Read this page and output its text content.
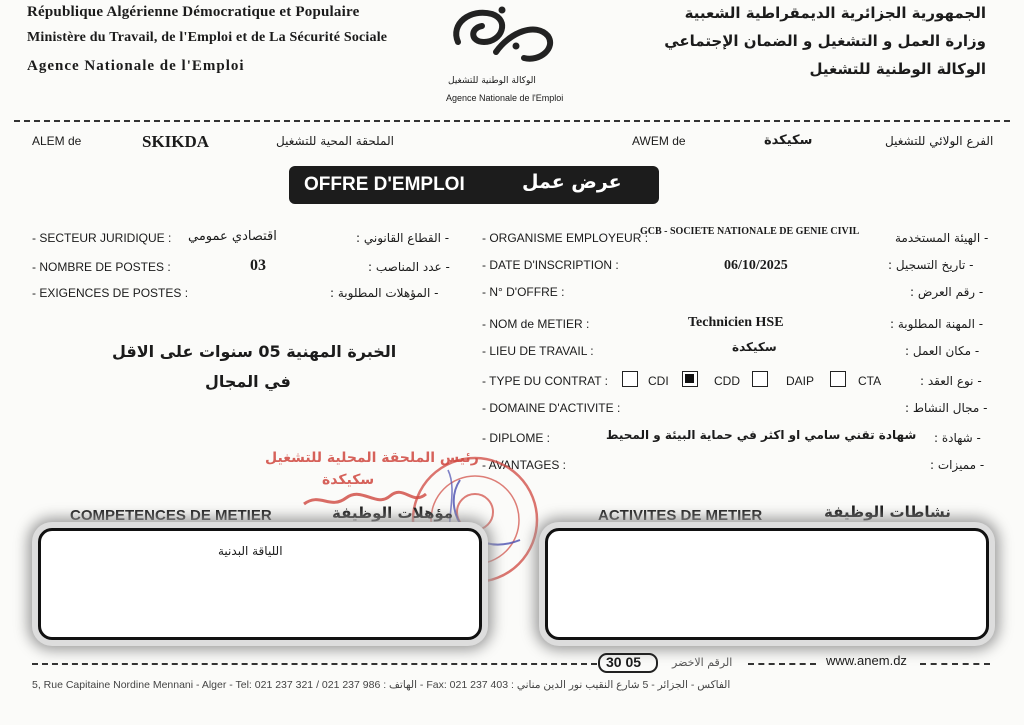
République Algérienne Démocratique et Populaire
Ministère du Travail, de l'Emploi et de La Sécurité Sociale
Agence Nationale de l'Emploi
الجمهورية الجزائرية الديمقراطية الشعبية
وزارة العمل و التشغيل و الضمان الإجتماعي
الوكالة الوطنية للتشغيل
الوكالة الوطنية للتشغيل
Agence Nationale de l'Emploi
ALEM de	SKIKDA	الملحقة المحية للتشغيل	AWEM de	سكيكدة	الفرع الولائي للتشغيل
OFFRE D'EMPLOI	عرض عمل
- SECTEUR JURIDIQUE : اقتصادي عمومي	- القطاع القانوني :
- NOMBRE DE POSTES :	03	- عدد المناصب :
- EXIGENCES DE POSTES :	- المؤهلات المطلوبة :
الخبرة المهنية 05 سنوات على الاقل
في المجال
- ORGANISME EMPLOYEUR :
GCB - SOCIETE NATIONALE DE GENIE CIVIL	- الهيئة المستخدمة
- DATE D'INSCRIPTION :	06/10/2025	- تاريخ التسجيل :
- N° D'OFFRE :	- رقم العرض :
- NOM de METIER :	Technicien HSE	- المهنة المطلوبة :
- LIEU DE TRAVAIL :	سكيكدة	- مكان العمل :
- TYPE DU CONTRAT :	CDI	CDD	DAIP	CTA	- نوع العقد :
- DOMAINE D'ACTIVITE :	- مجال النشاط :
- DIPLOME :	شهادة تقني سامي او اكثر في حماية البيئة و المحيط - شهادة :
- AVANTAGES :	- مميزات :
رئيس الملحقة المحلية للتشغيل
سكيكدة
COMPETENCES DE METIER	مؤهلات الوظيفة	ACTIVITES DE METIER	نشاطات الوظيفة
اللياقة البدنية
30 05	الرقم الاخضر	www.anem.dz
5, Rue Capitaine Nordine Mennani - Alger - Tel: 021 237 321 / 021 237 986 : الهاتف - Fax: 021 237 403 : الفاكس - الجزائر - 5 شارع النقيب نور الدين مناني
